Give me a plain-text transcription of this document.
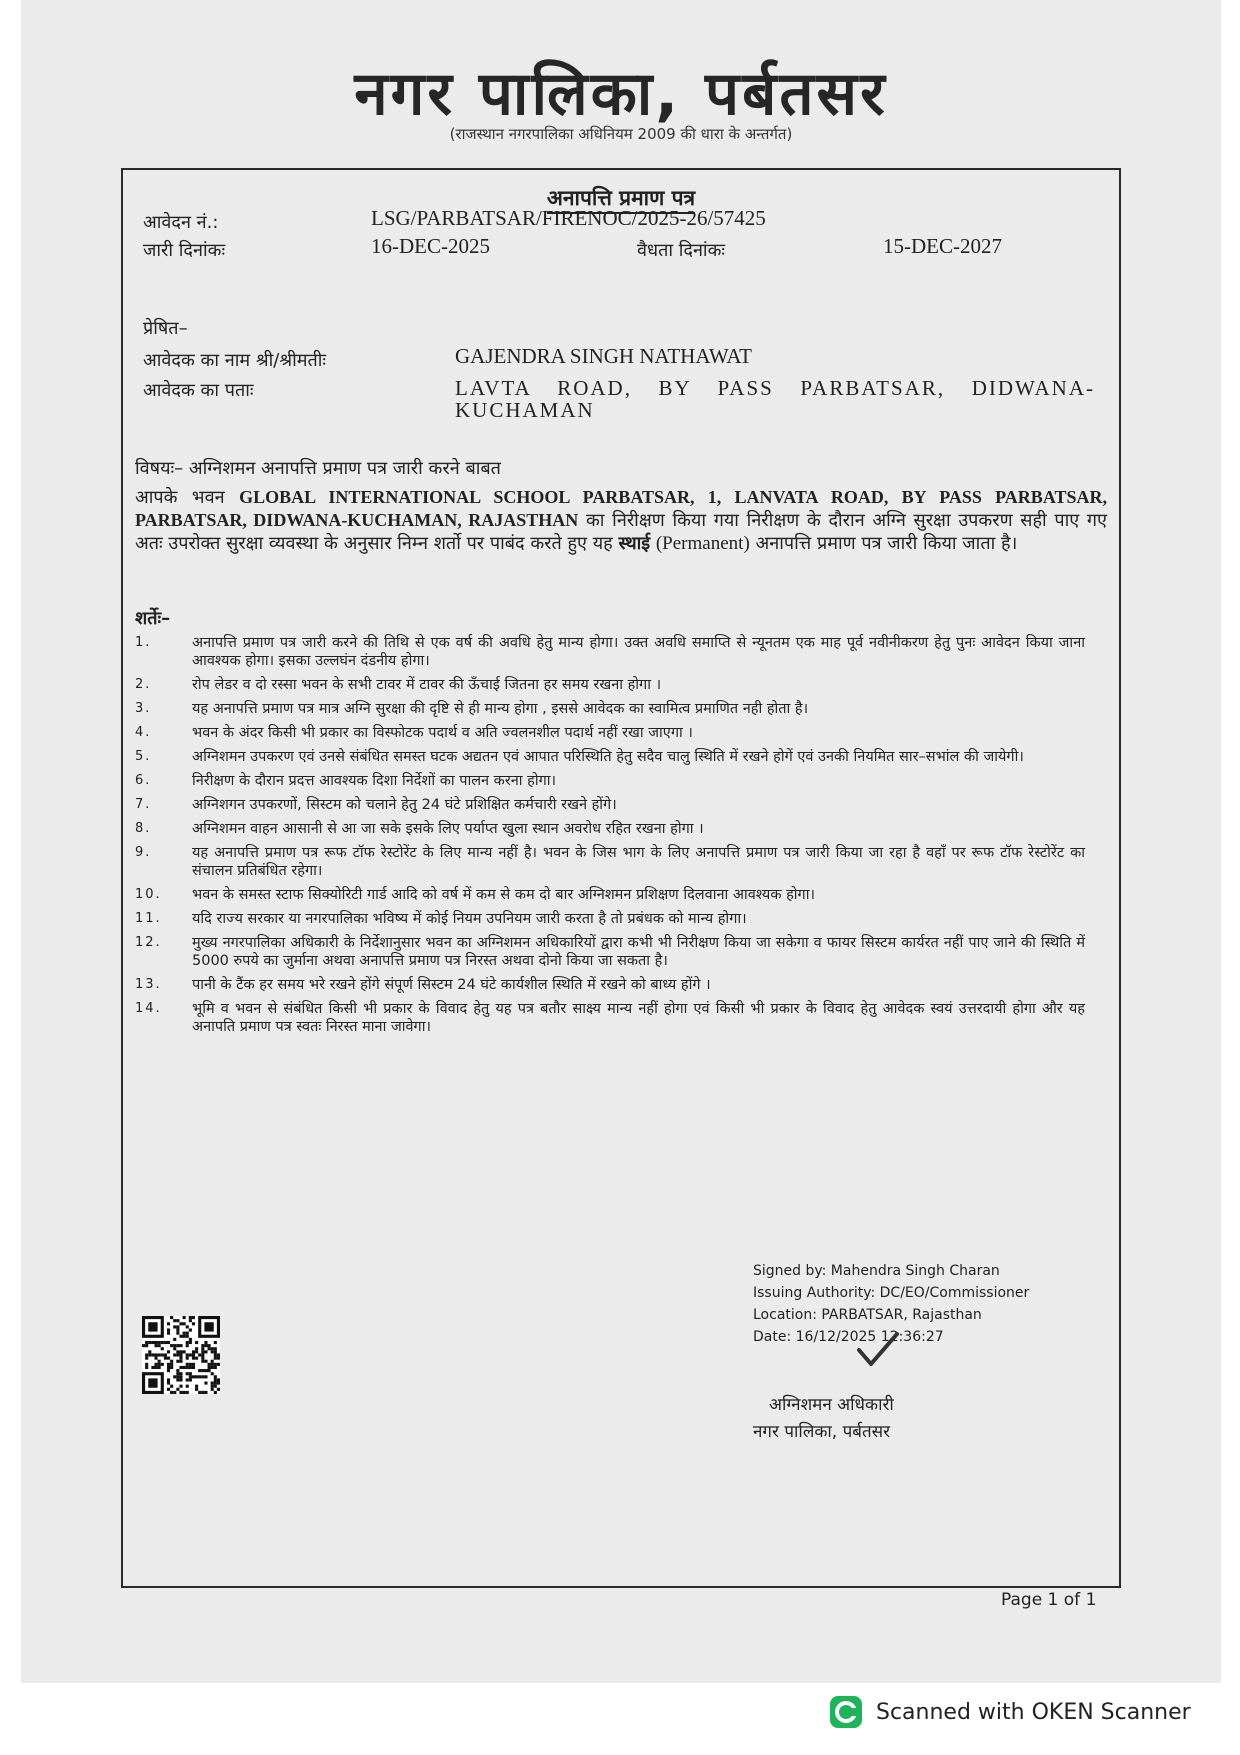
नगर पालिका, पर्बतसर
(राजस्थान नगरपालिका अधिनियम 2009 की धारा के अन्तर्गत)
अनापत्ति प्रमाण पत्र
आवेदन नं.:	LSG/PARBATSAR/FIRENOC/2025-26/57425
जारी दिनांकः	16-DEC-2025	वैधता दिनांकः	15-DEC-2027
प्रेषित–
आवेदक का नाम श्री/श्रीमतीः	GAJENDRA SINGH NATHAWAT
आवेदक का पताः	LAVTA ROAD, BY PASS PARBATSAR, DIDWANA-KUCHAMAN
विषयः– अग्निशमन अनापत्ति प्रमाण पत्र जारी करने बाबत
आपके भवन GLOBAL INTERNATIONAL SCHOOL PARBATSAR, 1, LANVATA ROAD, BY PASS PARBATSAR, PARBATSAR, DIDWANA-KUCHAMAN, RAJASTHAN का निरीक्षण किया गया निरीक्षण के दौरान अग्नि सुरक्षा उपकरण सही पाए गए अतः उपरोक्त सुरक्षा व्यवस्था के अनुसार निम्न शर्तो पर पाबंद करते हुए यह स्थाई (Permanent) अनापत्ति प्रमाण पत्र जारी किया जाता है।
शर्तेः–
1.	अनापत्ति प्रमाण पत्र जारी करने की तिथि से एक वर्ष की अवधि हेतु मान्य होगा। उक्त अवधि समाप्ति से न्यूनतम एक माह पूर्व नवीनीकरण हेतु पुनः आवेदन किया जाना आवश्यक होगा। इसका उल्लघंन दंडनीय होगा।
2.	रोप लेडर व दो रस्सा भवन के सभी टावर में टावर की ऊँचाई जितना हर समय रखना होगा ।
3.	यह अनापत्ति प्रमाण पत्र मात्र अग्नि सुरक्षा की दृष्टि से ही मान्य होगा , इससे आवेदक का स्वामित्व प्रमाणित नही होता है।
4.	भवन के अंदर किसी भी प्रकार का विस्फोटक पदार्थ व अति ज्वलनशील पदार्थ नहीं रखा जाएगा ।
5.	अग्निशमन उपकरण एवं उनसे संबंधित समस्त घटक अद्यतन एवं आपात परिस्थिति हेतु सदैव चालु स्थिति में रखने होगें एवं उनकी नियमित सार–सभांल की जायेगी।
6.	निरीक्षण के दौरान प्रदत्त आवश्यक दिशा निर्देशों का पालन करना होगा।
7.	अग्निशगन उपकरणों, सिस्टम को चलाने हेतु 24 घंटे प्रशिक्षित कर्मचारी रखने होंगे।
8.	अग्निशमन वाहन आसानी से आ जा सके इसके लिए पर्याप्त खुला स्थान अवरोध रहित रखना होगा ।
9.	यह अनापत्ति प्रमाण पत्र रूफ टॉफ रेस्टोरेंट के लिए मान्य नहीं है। भवन के जिस भाग के लिए अनापत्ति प्रमाण पत्र जारी किया जा रहा है वहाँ पर रूफ टॉफ रेस्टोरेंट का संचालन प्रतिबंधित रहेगा।
10. भवन के समस्त स्टाफ सिक्योरिटी गार्ड आदि को वर्ष में कम से कम दो बार अग्निशमन प्रशिक्षण दिलवाना आवश्यक होगा।
11. यदि राज्य सरकार या नगरपालिका भविष्य में कोई नियम उपनियम जारी करता है तो प्रबंधक को मान्य होगा।
12. मुख्य नगरपालिका अधिकारी के निर्देशानुसार भवन का अग्निशमन अधिकारियों द्वारा कभी भी निरीक्षण किया जा सकेगा व फायर सिस्टम कार्यरत नहीं पाए जाने की स्थिति में 5000 रुपये का जुर्माना अथवा अनापत्ति प्रमाण पत्र निरस्त अथवा दोनो किया जा सकता है।
13. पानी के टैंक हर समय भरे रखने होंगे संपूर्ण सिस्टम 24 घंटे कार्यशील स्थिति में रखने को बाध्य होंगे ।
14. भूमि व भवन से संबंधित किसी भी प्रकार के विवाद हेतु यह पत्र बतौर साक्ष्य मान्य नहीं होगा एवं किसी भी प्रकार के विवाद हेतु आवेदक स्वयं उत्तरदायी होगा और यह अनापति प्रमाण पत्र स्वतः निरस्त माना जावेगा।
Signed by: Mahendra Singh Charan
Issuing Authority: DC/EO/Commissioner
Location: PARBATSAR, Rajasthan
Date: 16/12/2025 12:36:27
अग्निशमन अधिकारी
नगर पालिका, पर्बतसर
Page 1 of 1
Scanned with OKEN Scanner
